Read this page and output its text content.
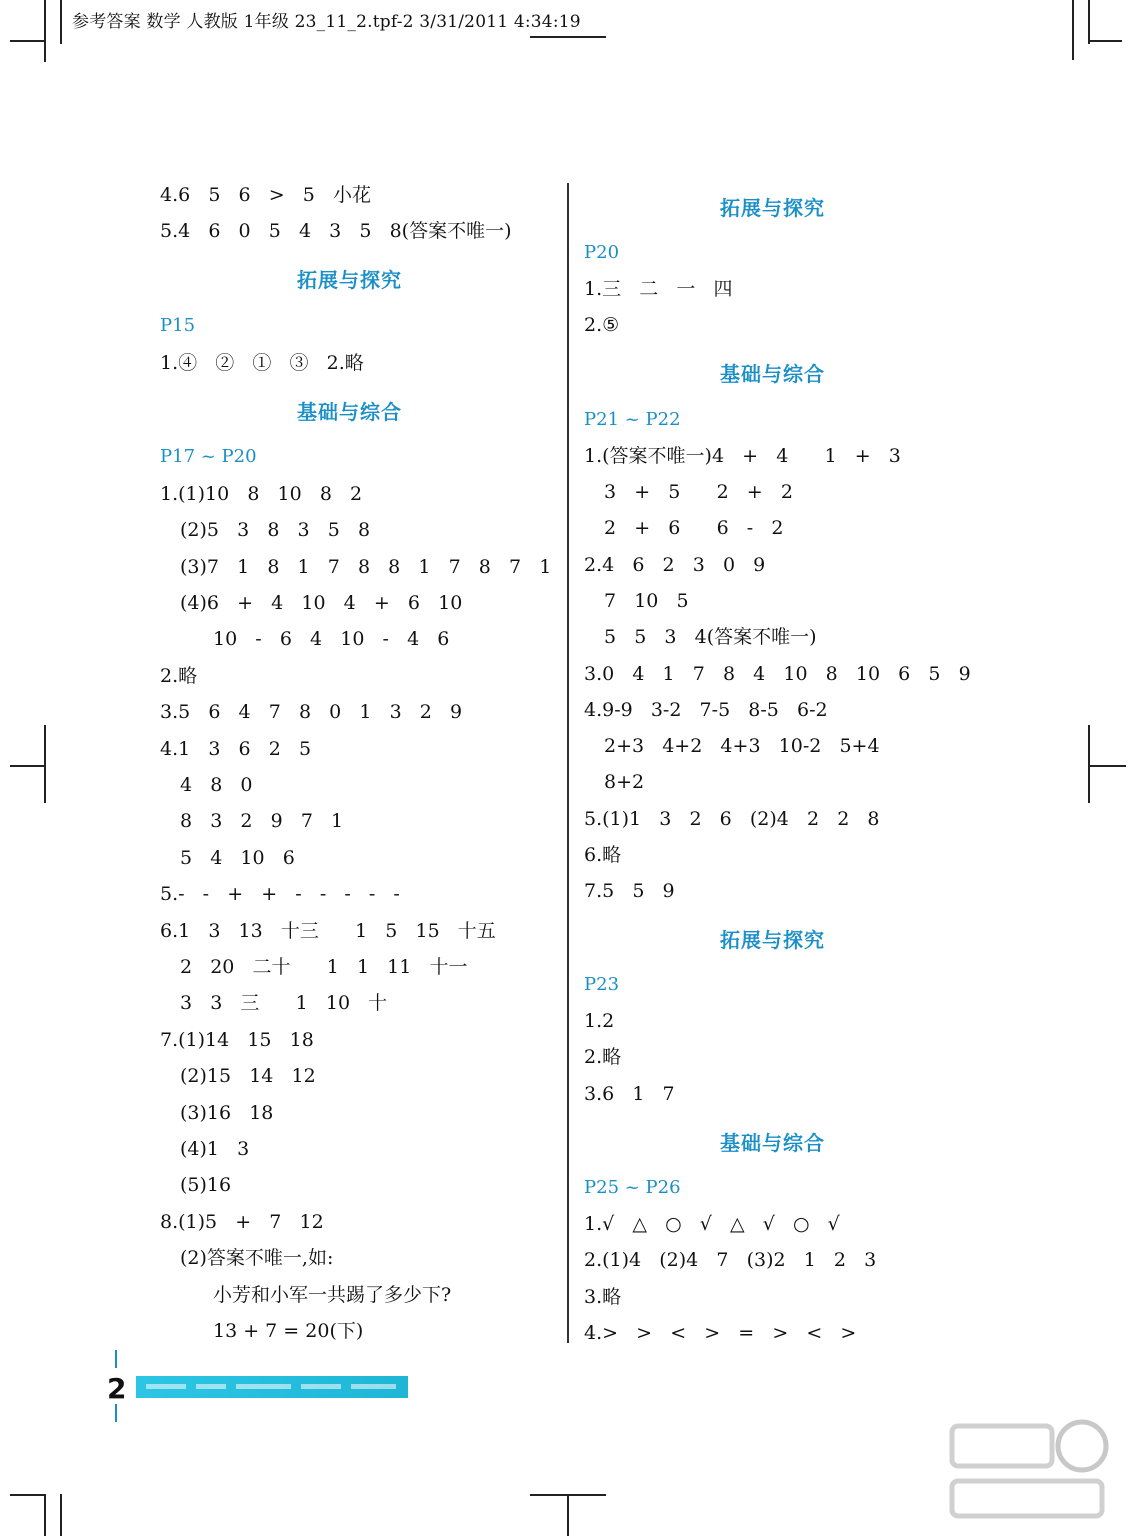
参考答案 数学 人教版 1年级 23_11_2.tpf-2 3/31/2011 4:34:19
4.6   5   6   >   5   小花
5.4   6   0   5   4   3   5   8(答案不唯一)
拓展与探究
P15
1.④   ②   ①   ③   2.略
基础与综合
P17 ~ P20
1.(1)10   8   10   8   2
(2)5   3   8   3   5   8
(3)7   1   8   1   7   8   8   1   7   8   7   1
(4)6   +   4   10   4   +   6   10
10   -   6   4   10   -   4   6
2.略
3.5   6   4   7   8   0   1   3   2   9
4.1   3   6   2   5
4   8   0
8   3   2   9   7   1
5   4   10   6
5.-   -   +   +   -   -   -   -   -
6.1   3   13   十三      1   5   15   十五
2   20   二十      1   1   11   十一
3   3   三      1   10   十
7.(1)14   15   18
(2)15   14   12
(3)16   18
(4)1   3
(5)16
8.(1)5   +   7   12
(2)答案不唯一,如:
小芳和小军一共踢了多少下?
13 + 7 = 20(下)
拓展与探究
P20
1.三   二   一   四
2.⑤
基础与综合
P21 ~ P22
1.(答案不唯一)4   +   4      1   +   3
3   +   5      2   +   2
2   +   6      6   -   2
2.4   6   2   3   0   9
7   10   5
5   5   3   4(答案不唯一)
3.0   4   1   7   8   4   10   8   10   6   5   9
4.9-9   3-2   7-5   8-5   6-2
2+3   4+2   4+3   10-2   5+4
8+2
5.(1)1   3   2   6   (2)4   2   2   8
6.略
7.5   5   9
拓展与探究
P23
1.2
2.略
3.6   1   7
基础与综合
P25 ~ P26
1.√   △   ○   √   △   √   ○   √
2.(1)4   (2)4   7   (3)2   1   2   3
3.略
4.>   >   <   >   =   >   <   >
2
